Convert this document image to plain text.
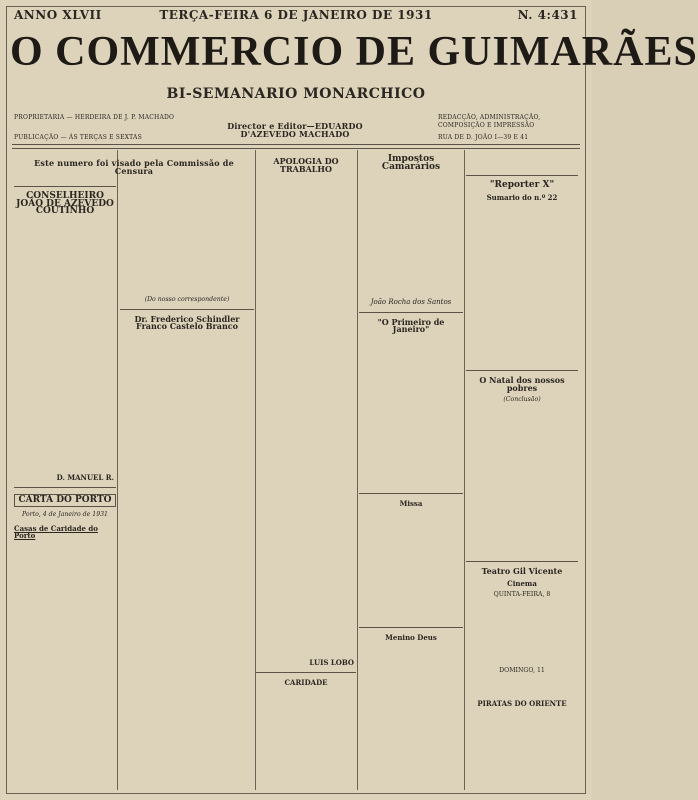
ANNO XLVII	TERÇA-FEIRA 6 DE JANEIRO DE 1931	N. 4:431
O COMMERCIO DE GUIMARÃES
BI-SEMANARIO MONARCHICO
PROPRIETARIA — HERDEIRA DE J. P. MACHADO
PUBLICAÇÃO — ÁS TERÇAS E SEXTAS
Director e Editor—EDUARDO D'AZEVEDO MACHADO
REDACÇÃO, ADMINISTRAÇÃO, COMPOSIÇÃO E IMPRESSÃO
RUA DE D. JOÃO I—39 E 41
Este numero foi visado pela Commissão de Censura
CONSELHEIRO JOÃO DE AZEVEDO COUTINHO
D. MANUEL R.
CARTA DO PORTO
Porto, 4 de Janeiro de 1931
Casas de Caridade do Porto
(Do nosso correspondente)
Dr. Frederico Schindler Franco Castelo Branco
APOLOGIA DO TRABALHO
LUIS LOBO
CARIDADE
Impostos Camarários
João Rocha dos Santos
"O Primeiro de Janeiro"
Missa
Menino Deus
"Reporter X"
Sumario do n.º 22
O Natal dos nossos pobres
(Conclusão)
Teatro Gil Vicente
Cinema
QUINTA-FEIRA, 8
DOMINGO, 11
PIRATAS DO ORIENTE
